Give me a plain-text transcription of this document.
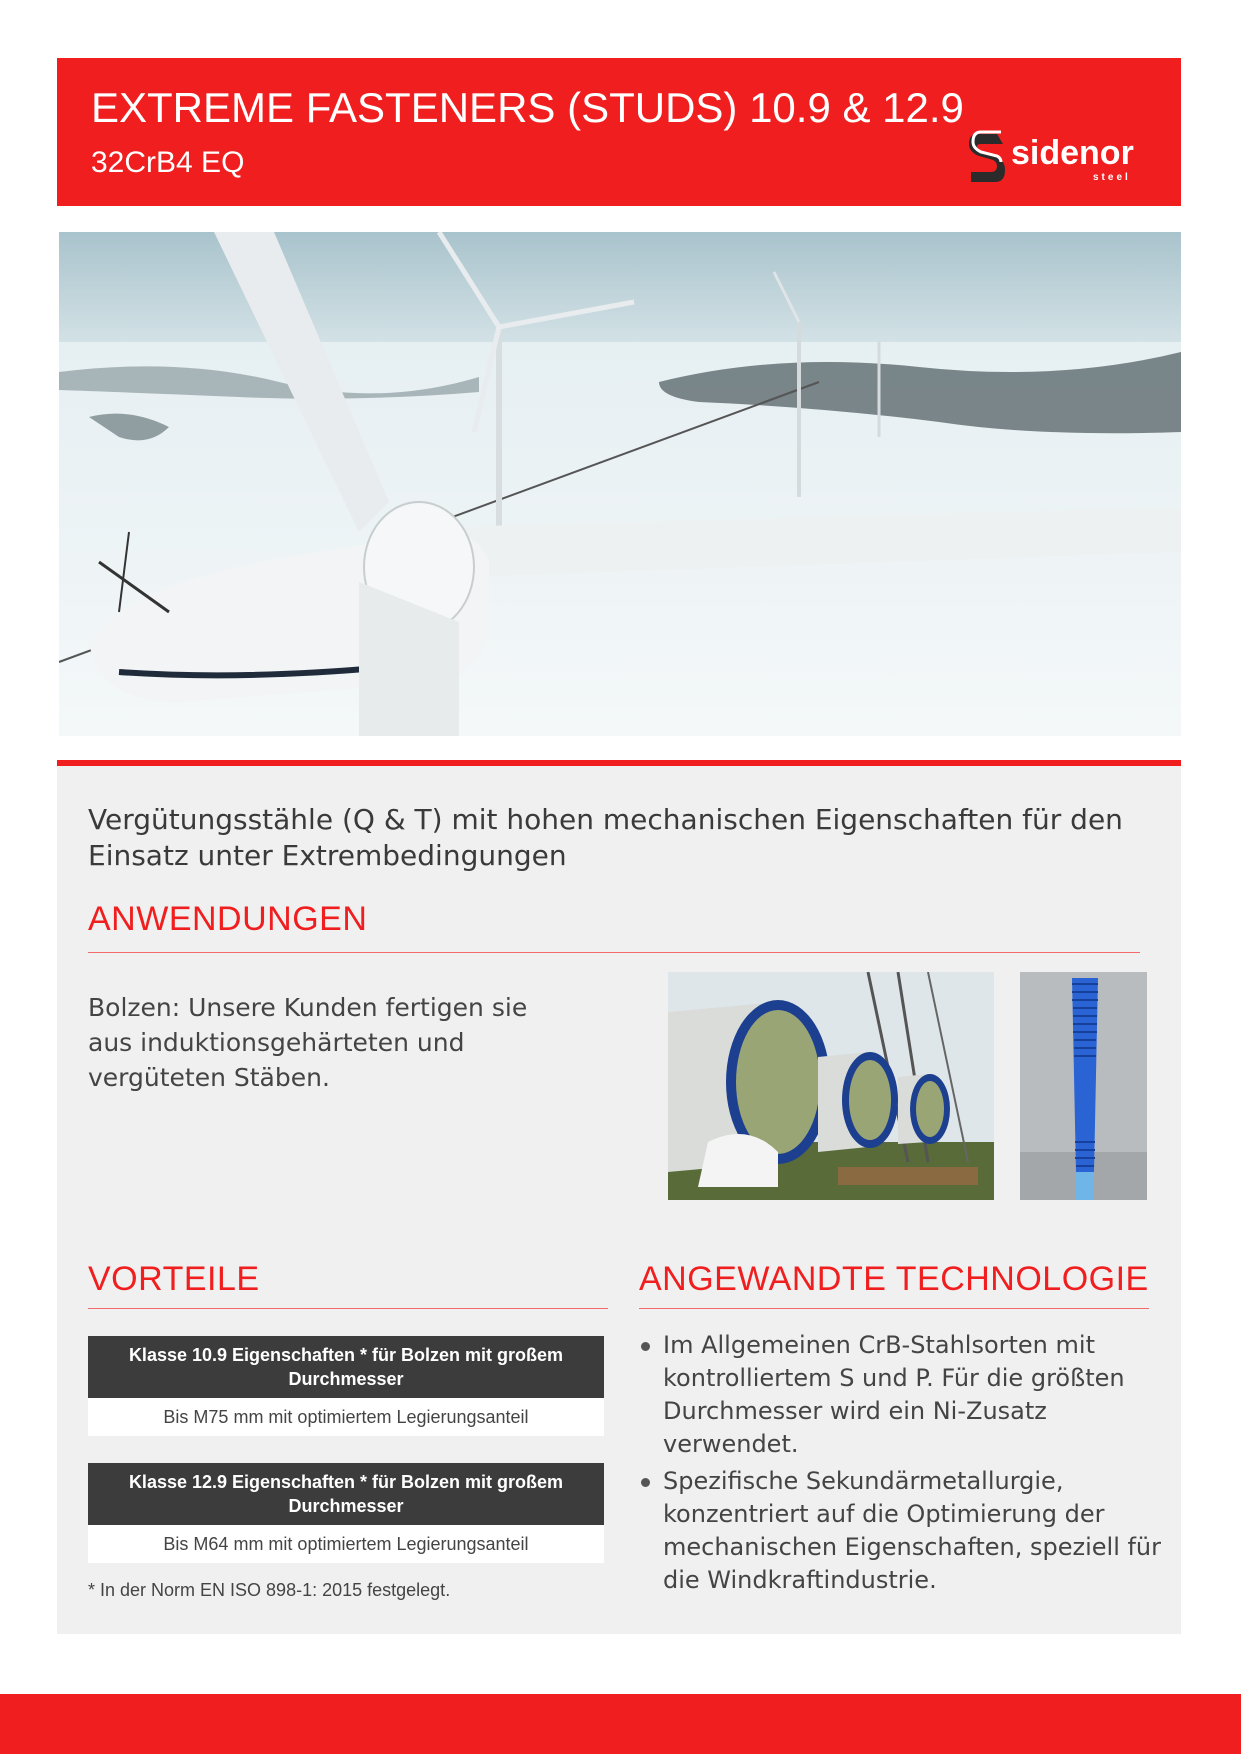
EXTREME FASTENERS (STUDS) 10.9 & 12.9
32CrB4 EQ	sidenor
steel
Vergütungsstähle (Q & T) mit hohen mechanischen Eigenschaften für den Einsatz unter Extrembedingungen
ANWENDUNGEN
Bolzen: Unsere Kunden fertigen sie aus induktionsgehärteten und vergüteten Stäben.
VORTEILE
Klasse 10.9 Eigenschaften * für Bolzen mit großem Durchmesser
Bis M75 mm mit optimiertem Legierungsanteil
Klasse 12.9 Eigenschaften * für Bolzen mit großem Durchmesser
Bis M64 mm mit optimiertem Legierungsanteil
* In der Norm EN ISO 898-1: 2015 festgelegt.
ANGEWANDTE TECHNOLOGIE
Im Allgemeinen CrB-Stahlsorten mit kontrolliertem S und P. Für die größten Durchmesser wird ein Ni-Zusatz verwendet.
Spezifische Sekundärmetallurgie, konzentriert auf die Optimierung der mechanischen Eigenschaften, speziell für die Windkraftindustrie.
